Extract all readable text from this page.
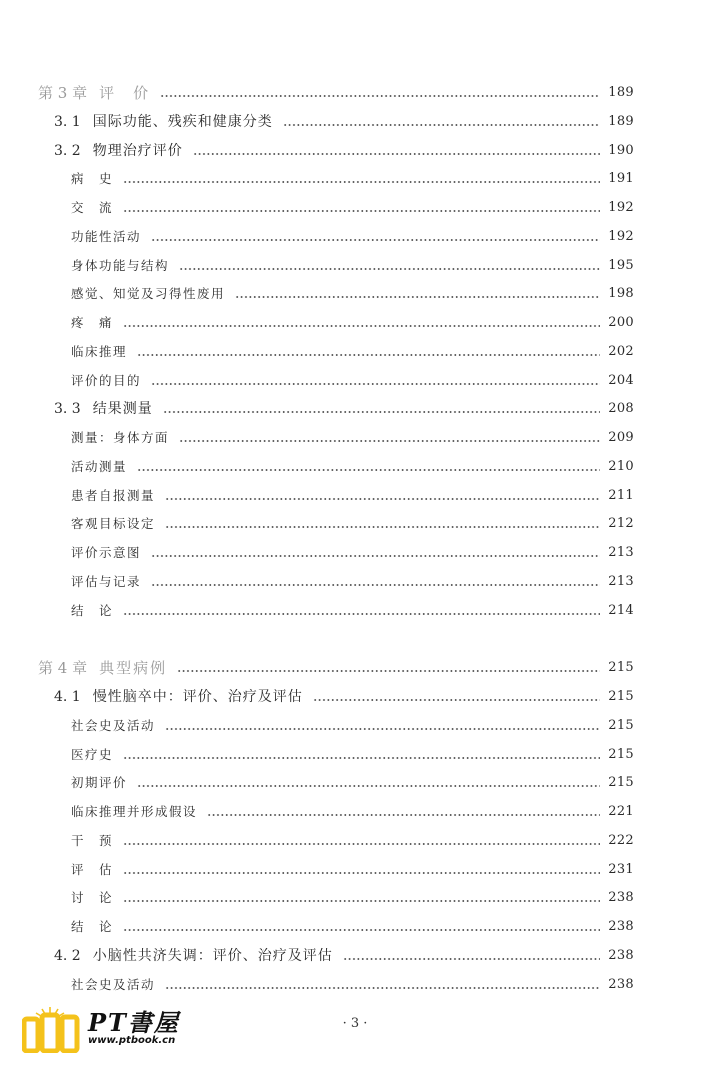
第 3 章 评　价	189
3. 1 国际功能、残疾和健康分类	189
3. 2 物理治疗评价	190
病　史	191
交　流	192
功能性活动	192
身体功能与结构	195
感觉、知觉及习得性废用	198
疼　痛	200
临床推理	202
评价的目的	204
3. 3 结果测量	208
测量：身体方面	209
活动测量	210
患者自报测量	211
客观目标设定	212
评价示意图	213
评估与记录	213
结　论	214
第 4 章 典型病例	215
4. 1 慢性脑卒中：评价、治疗及评估	215
社会史及活动	215
医疗史	215
初期评价	215
临床推理并形成假设	221
干　预	222
评　估	231
讨　论	238
结　论	238
4. 2 小脑性共济失调：评价、治疗及评估	238
社会史及活动	238
PT書屋
www.ptbook.cn
· 3 ·
